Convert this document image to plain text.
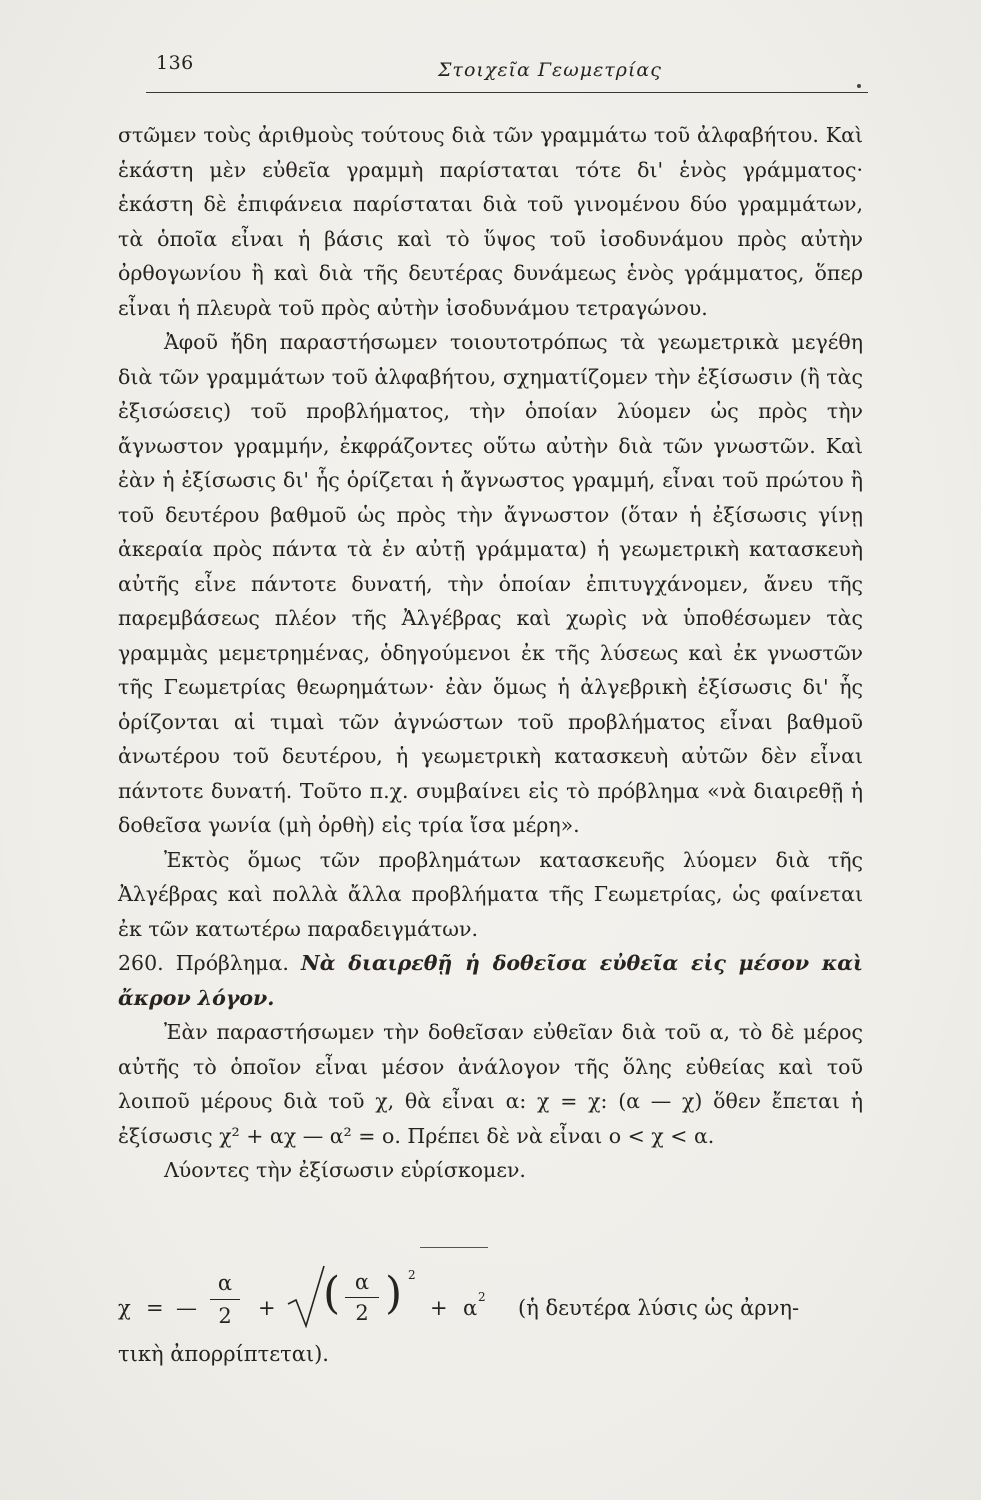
136	Στοιχεῖα Γεωμετρίας

στῶμεν τοὺς ἀριθμοὺς τούτους διὰ τῶν γραμμάτω τοῦ ἀλφαβήτου. Καὶ ἑκάστη μὲν εὐθεῖα γραμμὴ παρίσταται τότε δι' ἑνὸς γράμματος· ἑκάστη δὲ ἐπιφάνεια παρίσταται διὰ τοῦ γινομένου δύο γραμμάτων, τὰ ὁποῖα εἶναι ἡ βάσις καὶ τὸ ὕψος τοῦ ἰσοδυνάμου πρὸς αὐτὴν ὀρθογωνίου ἢ καὶ διὰ τῆς δευτέρας δυνάμεως ἑνὸς γράμματος, ὅπερ εἶναι ἡ πλευρὰ τοῦ πρὸς αὐτὴν ἰσοδυνάμου τετραγώνου.

Ἀφοῦ ἤδη παραστήσωμεν τοιουτοτρόπως τὰ γεωμετρικὰ μεγέθη διὰ τῶν γραμμάτων τοῦ ἀλφαβήτου, σχηματίζομεν τὴν ἐξίσωσιν (ἢ τὰς ἐξισώσεις) τοῦ προβλήματος, τὴν ὁποίαν λύομεν ὡς πρὸς τὴν ἄγνωστον γραμμήν, ἐκφράζοντες οὕτω αὐτὴν διὰ τῶν γνωστῶν. Καὶ ἐὰν ἡ ἐξίσωσις δι' ἧς ὁρίζεται ἡ ἄγνωστος γραμμή, εἶναι τοῦ πρώτου ἢ τοῦ δευτέρου βαθμοῦ ὡς πρὸς τὴν ἄγνωστον (ὅταν ἡ ἐξίσωσις γίνῃ ἀκεραία πρὸς πάντα τὰ ἐν αὐτῇ γράμματα) ἡ γεωμετρικὴ κατασκευὴ αὐτῆς εἶνε πάντοτε δυνατή, τὴν ὁποίαν ἐπιτυγχάνομεν, ἄνευ τῆς παρεμβάσεως πλέον τῆς Ἀλγέβρας καὶ χωρὶς νὰ ὑποθέσωμεν τὰς γραμμὰς μεμετρημένας, ὁδηγούμενοι ἐκ τῆς λύσεως καὶ ἐκ γνωστῶν τῆς Γεωμετρίας θεωρημάτων· ἐὰν ὅμως ἡ ἀλγεβρικὴ ἐξίσωσις δι' ἧς ὁρίζονται αἱ τιμαὶ τῶν ἀγνώστων τοῦ προβλήματος εἶναι βαθμοῦ ἀνωτέρου τοῦ δευτέρου, ἡ γεωμετρικὴ κατασκευὴ αὐτῶν δὲν εἶναι πάντοτε δυνατή. Τοῦτο π.χ. συμβαίνει εἰς τὸ πρόβλημα «νὰ διαιρεθῇ ἡ δοθεῖσα γωνία (μὴ ὀρθὴ) εἰς τρία ἴσα μέρη».

Ἐκτὸς ὅμως τῶν προβλημάτων κατασκευῆς λύομεν διὰ τῆς Ἀλγέβρας καὶ πολλὰ ἄλλα προβλήματα τῆς Γεωμετρίας, ὡς φαίνεται ἐκ τῶν κατωτέρω παραδειγμάτων.

260. Πρόβλημα. Νὰ διαιρεθῇ ἡ δοθεῖσα εὐθεῖα εἰς μέσον καὶ ἄκρον λόγον.

Ἐὰν παραστήσωμεν τὴν δοθεῖσαν εὐθεῖαν διὰ τοῦ α, τὸ δὲ μέρος αὐτῆς τὸ ὁποῖον εἶναι μέσον ἀνάλογον τῆς ὅλης εὐθείας καὶ τοῦ λοιποῦ μέρους διὰ τοῦ χ, θὰ εἶναι α: χ = χ: (α — χ) ὅθεν ἔπεται ἡ ἐξίσωσις χ² + αχ — α² = ο. Πρέπει δὲ νὰ εἶναι ο < χ < α.

Λύοντες τὴν ἐξίσωσιν εὑρίσκομεν.

χ = —
α
2	+ ( α
2 ) 2
+ α 2 (ἡ δευτέρα λύσις ὡς ἀρνη-
τικὴ ἀπορρίπτεται).
